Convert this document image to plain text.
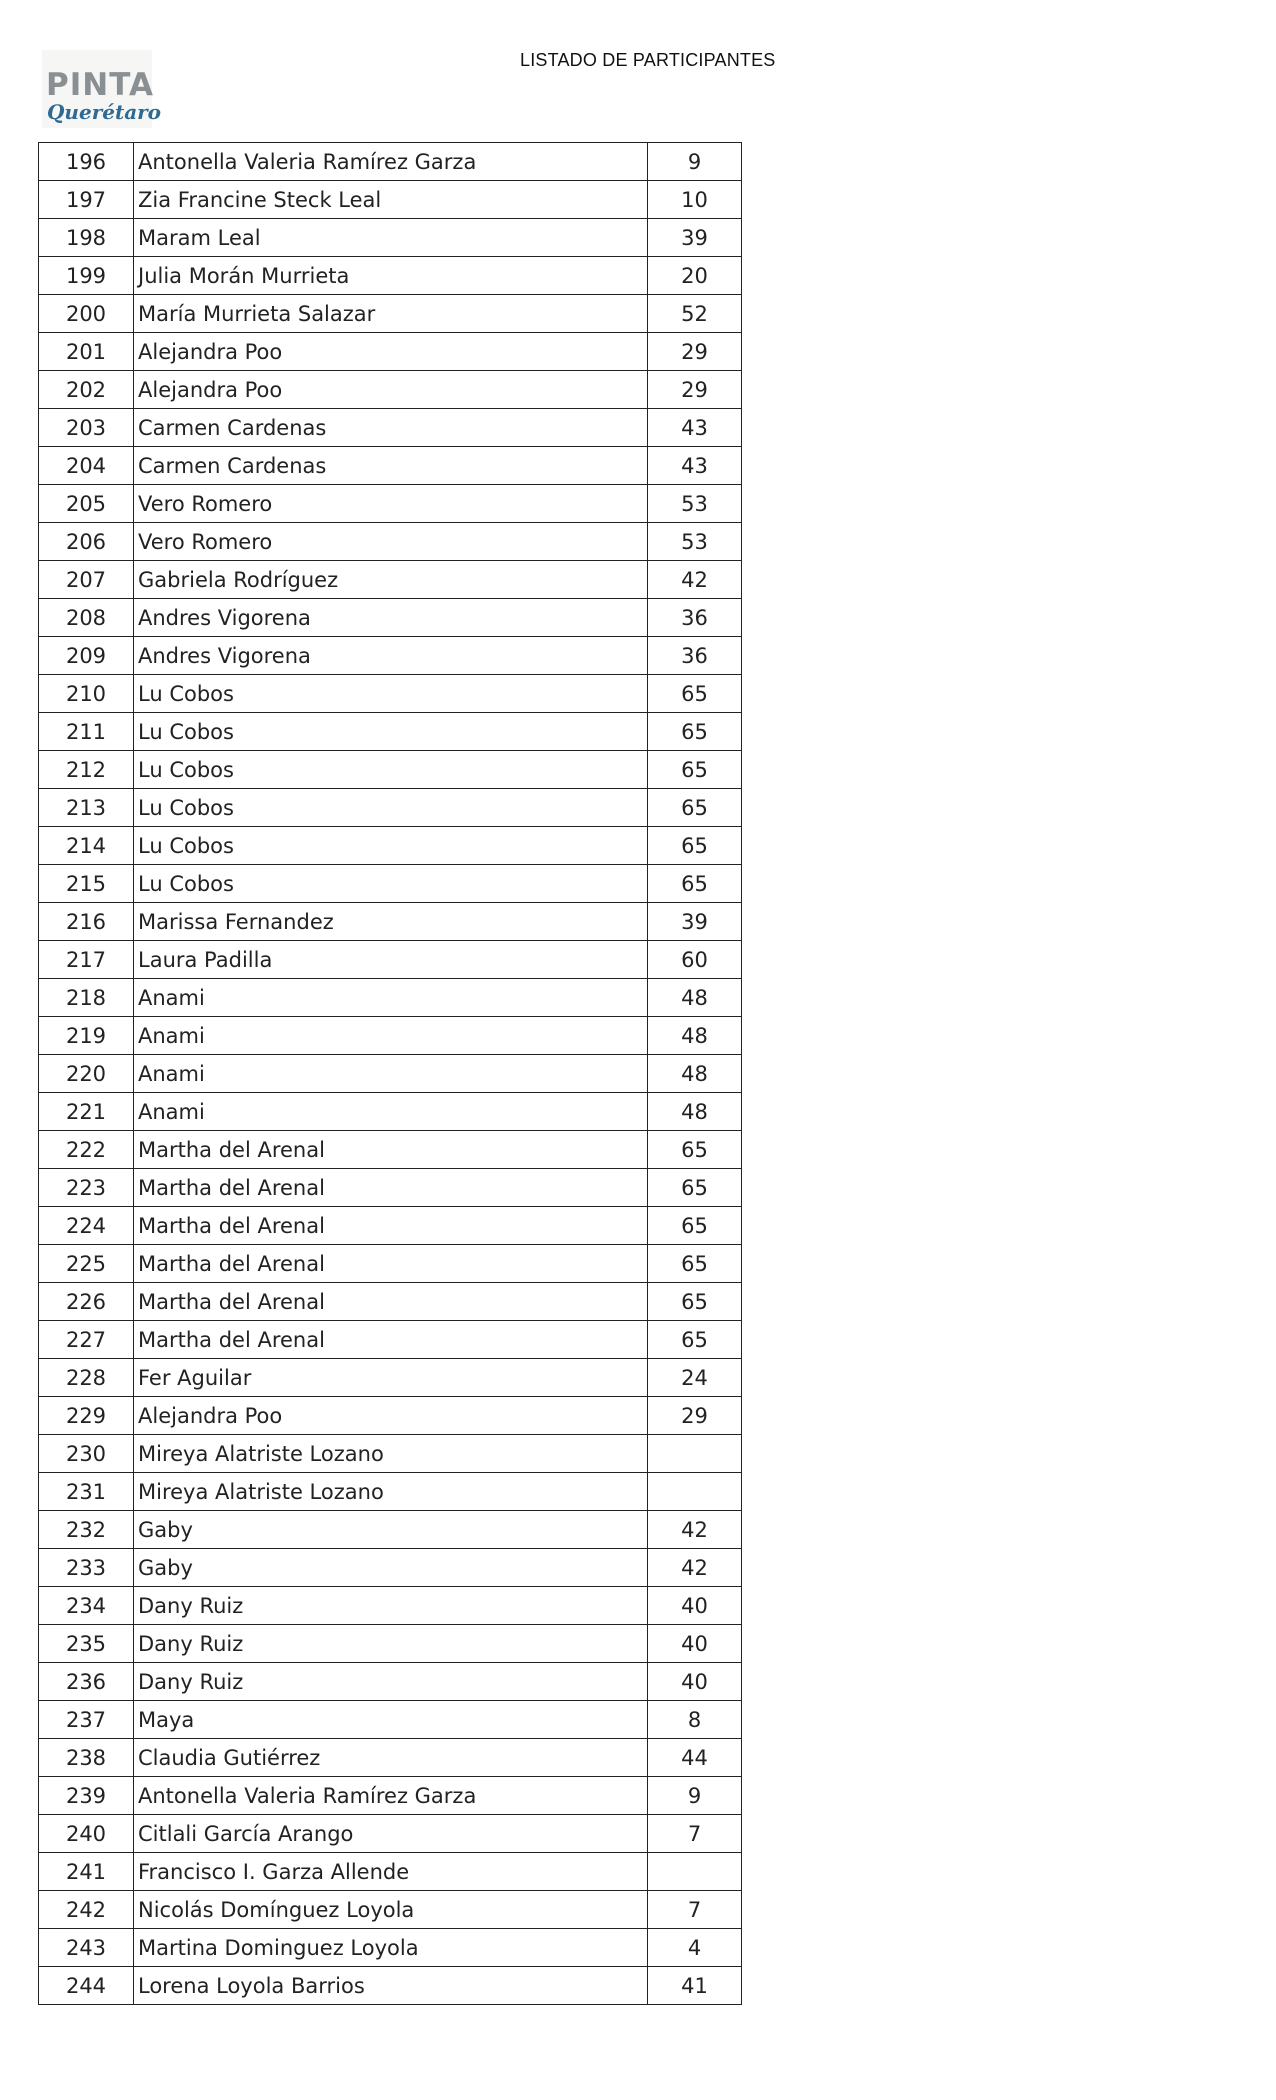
PINTA
Querétaro
LISTADO DE PARTICIPANTES
196	Antonella Valeria Ramírez Garza	9
197	Zia Francine Steck Leal	10
198	Maram Leal	39
199	Julia Morán Murrieta	20
200	María Murrieta Salazar	52
201	Alejandra Poo	29
202	Alejandra Poo	29
203	Carmen Cardenas	43
204	Carmen Cardenas	43
205	Vero Romero	53
206	Vero Romero	53
207	Gabriela Rodríguez	42
208	Andres Vigorena	36
209	Andres Vigorena	36
210	Lu Cobos	65
211	Lu Cobos	65
212	Lu Cobos	65
213	Lu Cobos	65
214	Lu Cobos	65
215	Lu Cobos	65
216	Marissa Fernandez	39
217	Laura Padilla	60
218	Anami	48
219	Anami	48
220	Anami	48
221	Anami	48
222	Martha del Arenal	65
223	Martha del Arenal	65
224	Martha del Arenal	65
225	Martha del Arenal	65
226	Martha del Arenal	65
227	Martha del Arenal	65
228	Fer Aguilar	24
229	Alejandra Poo	29
230	Mireya Alatriste Lozano	
231	Mireya Alatriste Lozano	
232	Gaby	42
233	Gaby	42
234	Dany Ruiz	40
235	Dany Ruiz	40
236	Dany Ruiz	40
237	Maya	8
238	Claudia Gutiérrez	44
239	Antonella Valeria Ramírez Garza	9
240	Citlali García Arango	7
241	Francisco I. Garza Allende	
242	Nicolás Domínguez Loyola	7
243	Martina Dominguez Loyola	4
244	Lorena Loyola Barrios	41
